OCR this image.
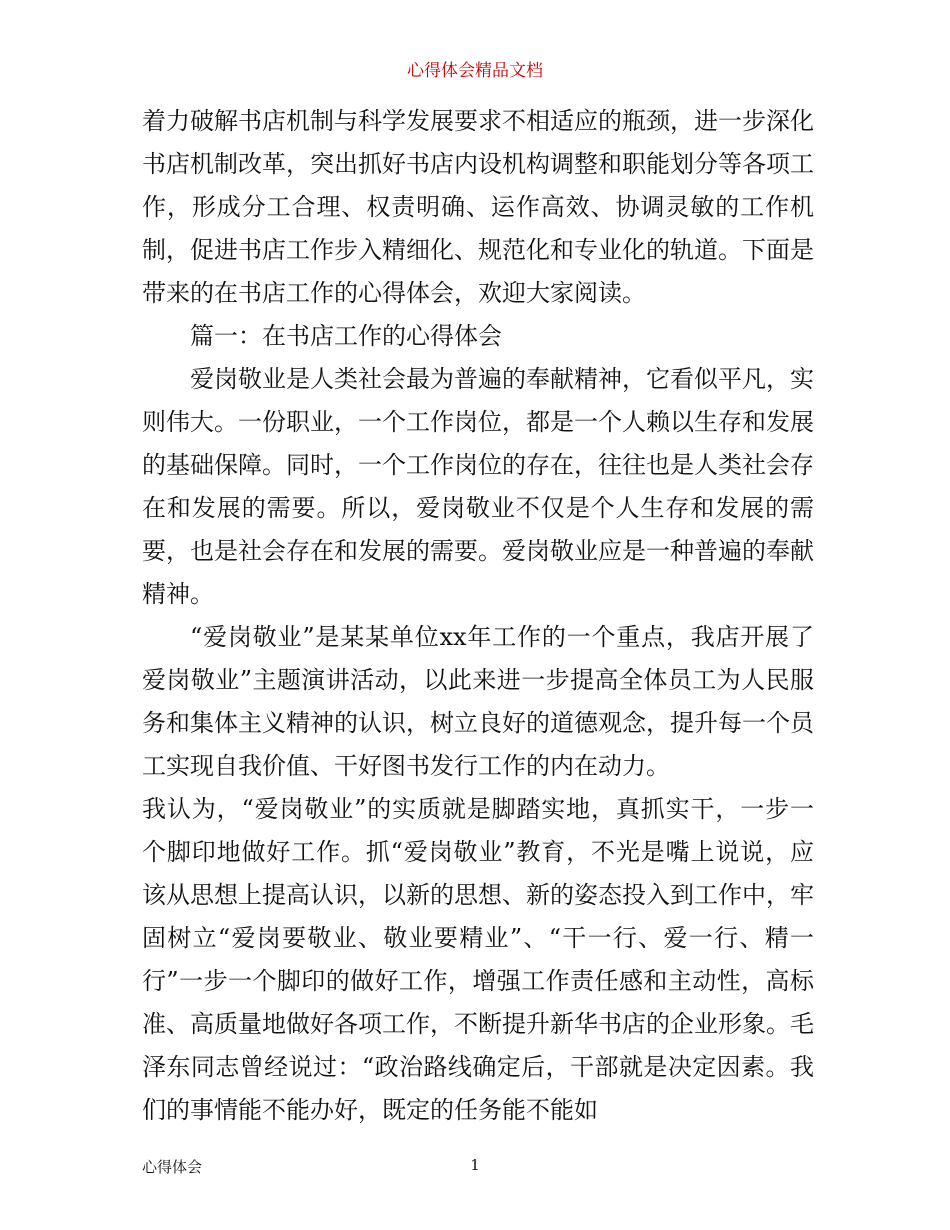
心得体会精品文档

着力破解书店机制与科学发展要求不相适应的瓶颈，进一步深化书店机制改革，突出抓好书店内设机构调整和职能划分等各项工作，形成分工合理、权责明确、运作高效、协调灵敏的工作机制，促进书店工作步入精细化、规范化和专业化的轨道。下面是带来的在书店工作的心得体会，欢迎大家阅读。

篇一：在书店工作的心得体会

爱岗敬业是人类社会最为普遍的奉献精神，它看似平凡，实则伟大。一份职业，一个工作岗位，都是一个人赖以生存和发展的基础保障。同时，一个工作岗位的存在，往往也是人类社会存在和发展的需要。所以，爱岗敬业不仅是个人生存和发展的需要，也是社会存在和发展的需要。爱岗敬业应是一种普遍的奉献精神。

“爱岗敬业”是某某单位xx年工作的一个重点，我店开展了爱岗敬业”主题演讲活动，以此来进一步提高全体员工为人民服务和集体主义精神的认识，树立良好的道德观念，提升每一个员工实现自我价值、干好图书发行工作的内在动力。

我认为，“爱岗敬业”的实质就是脚踏实地，真抓实干，一步一个脚印地做好工作。抓“爱岗敬业”教育，不光是嘴上说说，应该从思想上提高认识，以新的思想、新的姿态投入到工作中，牢固树立“爱岗要敬业、敬业要精业”、“干一行、爱一行、精一行”一步一个脚印的做好工作，增强工作责任感和主动性，高标准、高质量地做好各项工作，不断提升新华书店的企业形象。毛泽东同志曾经说过：“政治路线确定后，干部就是决定因素。我们的事情能不能办好，既定的任务能不能如

心得体会	1
